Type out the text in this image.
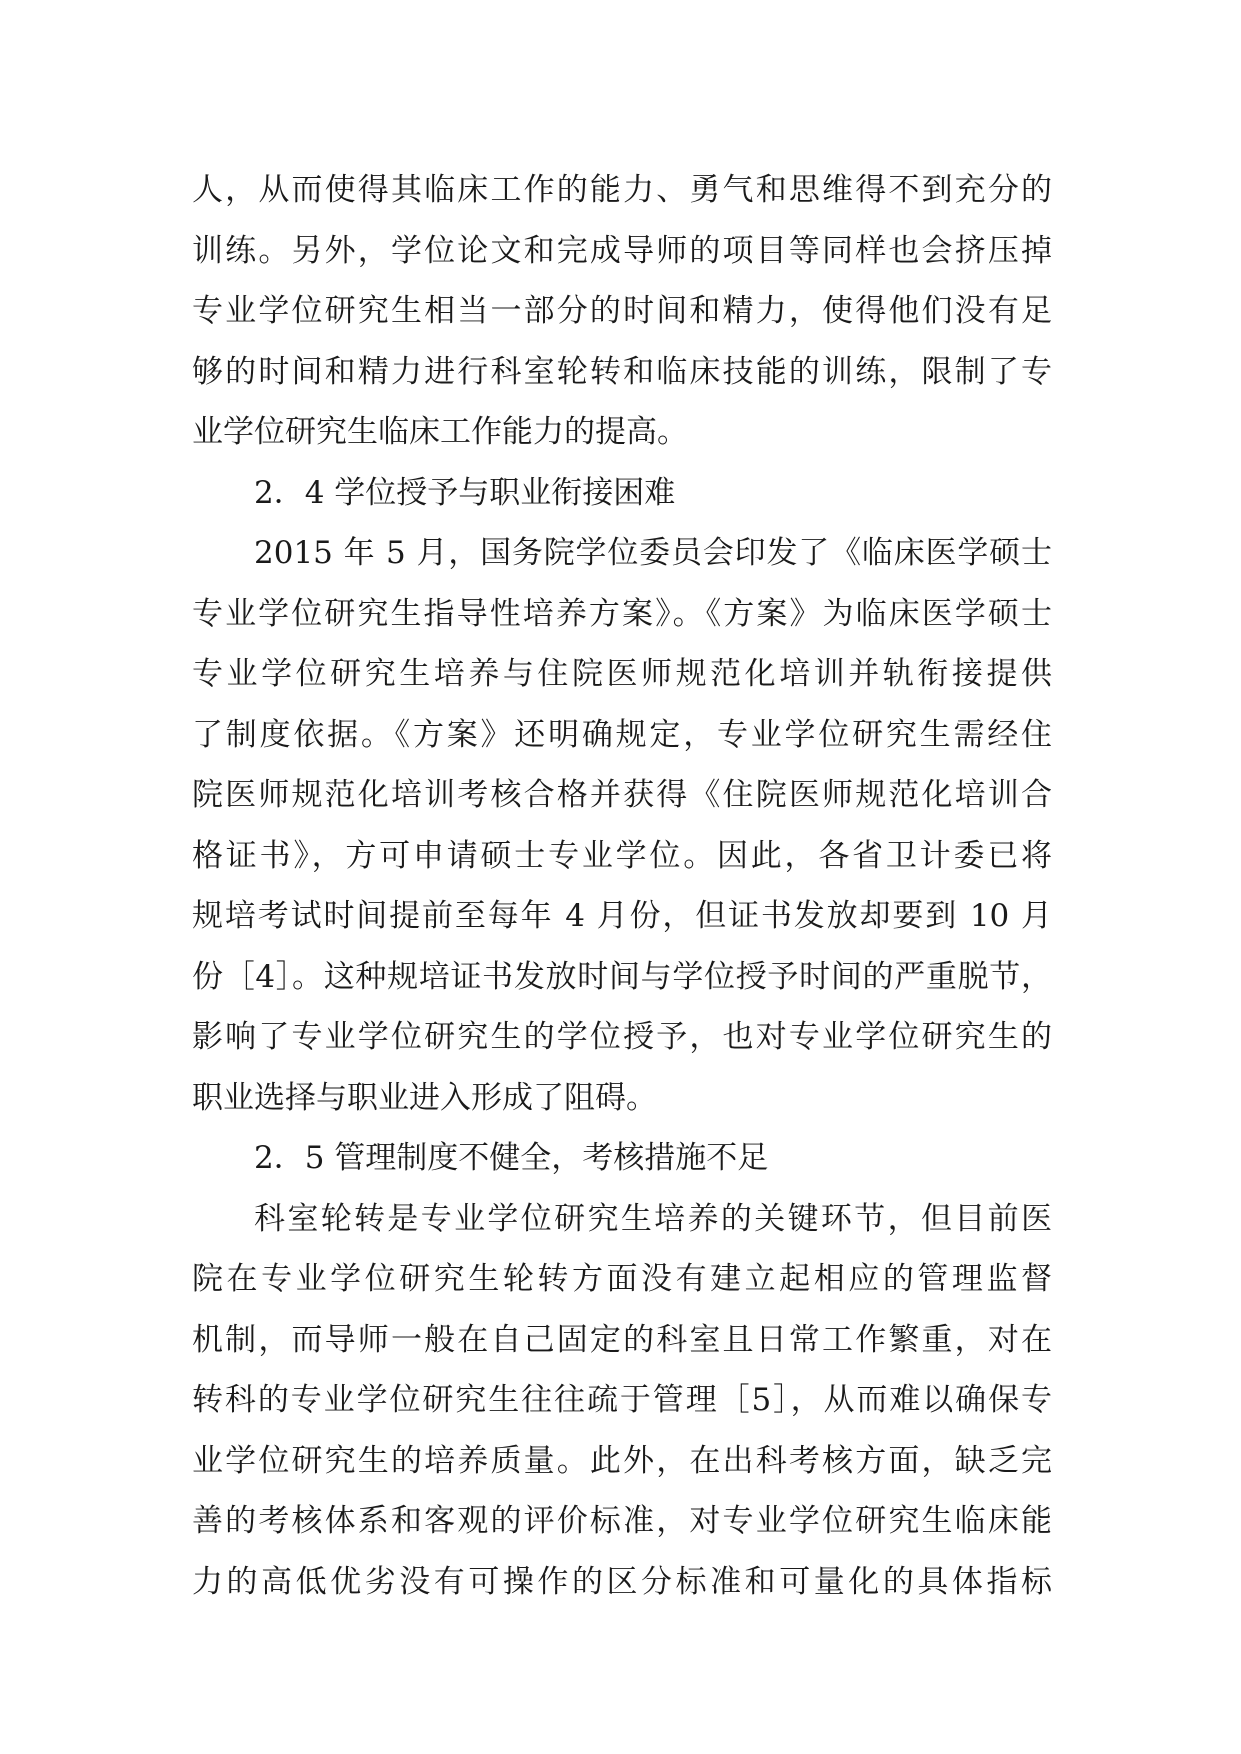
人，从而使得其临床工作的能力、勇气和思维得不到充分的
训练。另外，学位论文和完成导师的项目等同样也会挤压掉
专业学位研究生相当一部分的时间和精力，使得他们没有足
够的时间和精力进行科室轮转和临床技能的训练，限制了专
业学位研究生临床工作能力的提高。
2．4 学位授予与职业衔接困难
2015 年 5 月，国务院学位委员会印发了《临床医学硕士
专业学位研究生指导性培养方案》。《方案》为临床医学硕士
专业学位研究生培养与住院医师规范化培训并轨衔接提供
了制度依据。《方案》还明确规定，专业学位研究生需经住
院医师规范化培训考核合格并获得《住院医师规范化培训合
格证书》，方可申请硕士专业学位。因此，各省卫计委已将
规培考试时间提前至每年 4 月份，但证书发放却要到 10 月
份［4］。这种规培证书发放时间与学位授予时间的严重脱节，
影响了专业学位研究生的学位授予，也对专业学位研究生的
职业选择与职业进入形成了阻碍。
2．5 管理制度不健全，考核措施不足
科室轮转是专业学位研究生培养的关键环节，但目前医
院在专业学位研究生轮转方面没有建立起相应的管理监督
机制，而导师一般在自己固定的科室且日常工作繁重，对在
转科的专业学位研究生往往疏于管理［5］，从而难以确保专
业学位研究生的培养质量。此外，在出科考核方面，缺乏完
善的考核体系和客观的评价标准，对专业学位研究生临床能
力的高低优劣没有可操作的区分标准和可量化的具体指标
